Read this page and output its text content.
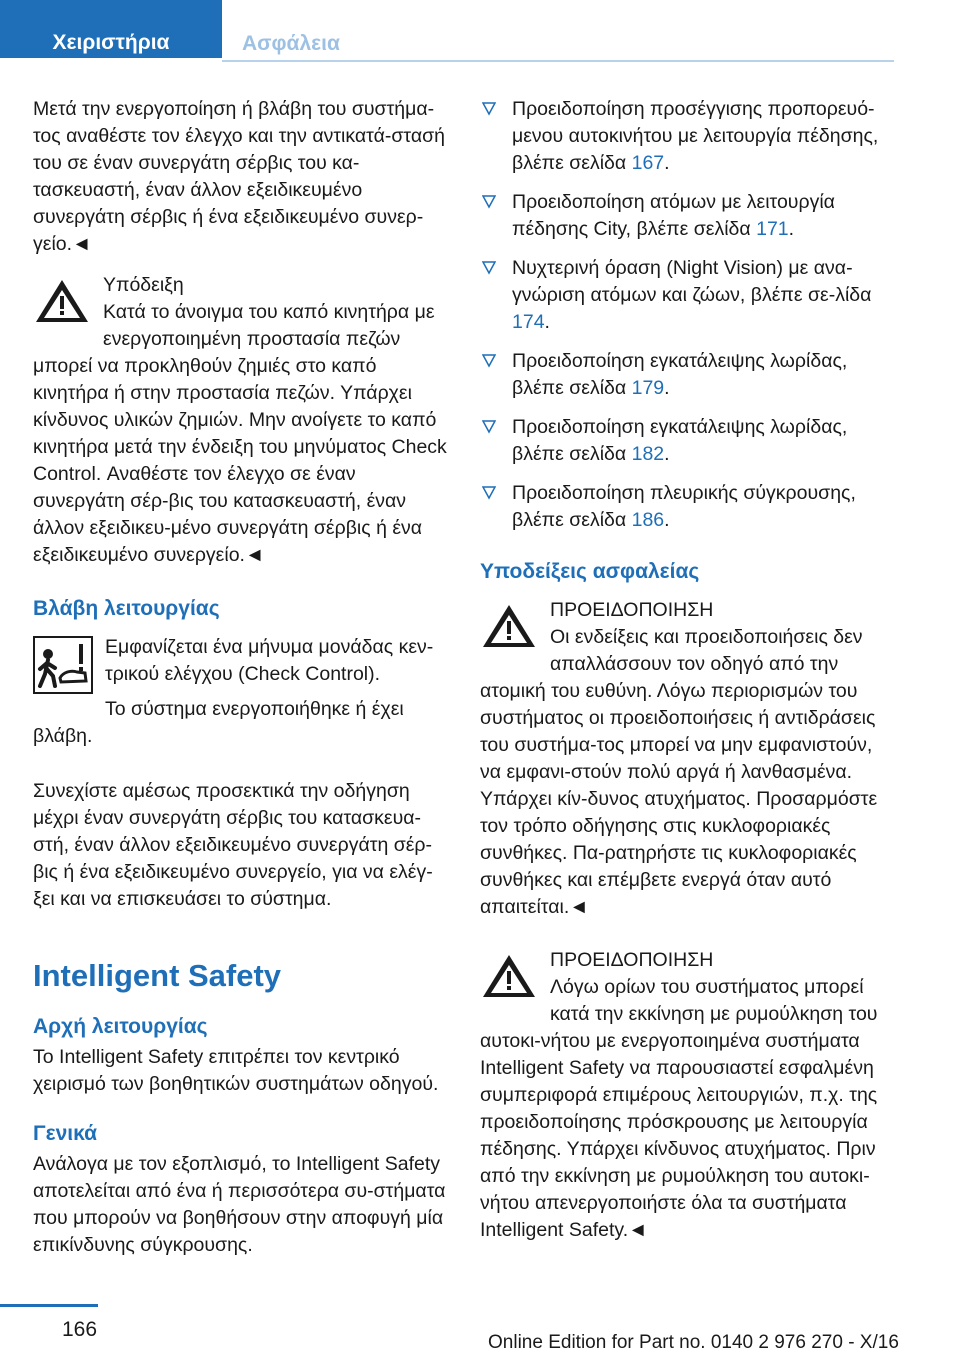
Χειριστήρια	Ασφάλεια

Μετά την ενεργοποίηση ή βλάβη του συστήμα-τος αναθέστε τον έλεγχο και την αντικατά-στασή του σε έναν συνεργάτη σέρβις του κα-τασκευαστή, έναν άλλον εξειδικευμένο συνεργάτη σέρβις ή ένα εξειδικευμένο συνερ-γείο.◄

Υπόδειξη
Κατά το άνοιγμα του καπό κινητήρα με ενεργοποιημένη προστασία πεζών μπορεί να προκληθούν ζημιές στο καπό κινητήρα ή στην προστασία πεζών. Υπάρχει κίνδυνος υλικών ζημιών. Μην ανοίγετε το καπό κινητήρα μετά την ένδειξη του μηνύματος Check Control. Αναθέστε τον έλεγχο σε έναν συνεργάτη σέρ-βις του κατασκευαστή, έναν άλλον εξειδικευ-μένο συνεργάτη σέρβις ή ένα εξειδικευμένο συνεργείο.◄
Βλάβη λειτουργίας

Εμφανίζεται ένα μήνυμα μονάδας κεν-τρικού ελέγχου (Check Control).

Το σύστημα ενεργοποιήθηκε ή έχει βλάβη.

Συνεχίστε αμέσως προσεκτικά την οδήγηση μέχρι έναν συνεργάτη σέρβις του κατασκευα-στή, έναν άλλον εξειδικευμένο συνεργάτη σέρ-βις ή ένα εξειδικευμένο συνεργείο, για να ελέγ-ξει και να επισκευάσει το σύστημα.

Intelligent Safety
Αρχή λειτουργίας

Το Intelligent Safety επιτρέπει τον κεντρικό χειρισμό των βοηθητικών συστημάτων οδηγού.

Γενικά

Ανάλογα με τον εξοπλισμό, το Intelligent Safety αποτελείται από ένα ή περισσότερα συ-στήματα που μπορούν να βοηθήσουν στην αποφυγή μία επικίνδυνης σύγκρουσης.

Προειδοποίηση προσέγγισης προπορευό-μενου αυτοκινήτου με λειτουργία πέδησης, βλέπε σελίδα 167.
Προειδοποίηση ατόμων με λειτουργία πέδησης City, βλέπε σελίδα 171.
Νυχτερινή όραση (Night Vision) με ανα-γνώριση ατόμων και ζώων, βλέπε σε-λίδα 174.
Προειδοποίηση εγκατάλειψης λωρίδας, βλέπε σελίδα 179.
Προειδοποίηση εγκατάλειψης λωρίδας, βλέπε σελίδα 182.
Προειδοποίηση πλευρικής σύγκρουσης, βλέπε σελίδα 186.
Υποδείξεις ασφαλείας
ΠΡΟΕΙΔΟΠΟΙΗΣΗ
Οι ενδείξεις και προειδοποιήσεις δεν απαλλάσσουν τον οδηγό από την ατομική του ευθύνη. Λόγω περιορισμών του συστήματος οι προειδοποιήσεις ή αντιδράσεις του συστήμα-τος μπορεί να μην εμφανιστούν, να εμφανι-στούν πολύ αργά ή λανθασμένα. Υπάρχει κίν-δυνος ατυχήματος. Προσαρμόστε τον τρόπο οδήγησης στις κυκλοφοριακές συνθήκες. Πα-ρατηρήστε τις κυκλοφοριακές συνθήκες και επέμβετε ενεργά όταν αυτό απαιτείται.◄
ΠΡΟΕΙΔΟΠΟΙΗΣΗ
Λόγω ορίων του συστήματος μπορεί κατά την εκκίνηση με ρυμούλκηση του αυτοκι-νήτου με ενεργοποιημένα συστήματα Intelligent Safety να παρουσιαστεί εσφαλμένη συμπεριφορά επιμέρους λειτουργιών, π.χ. της προειδοποίησης πρόσκρουσης με λειτουργία πέδησης. Υπάρχει κίνδυνος ατυχήματος. Πριν από την εκκίνηση με ρυμούλκηση του αυτοκι-νήτου απενεργοποιήστε όλα τα συστήματα Intelligent Safety.◄
166
Online Edition for Part no. 0140 2 976 270 - X/16
